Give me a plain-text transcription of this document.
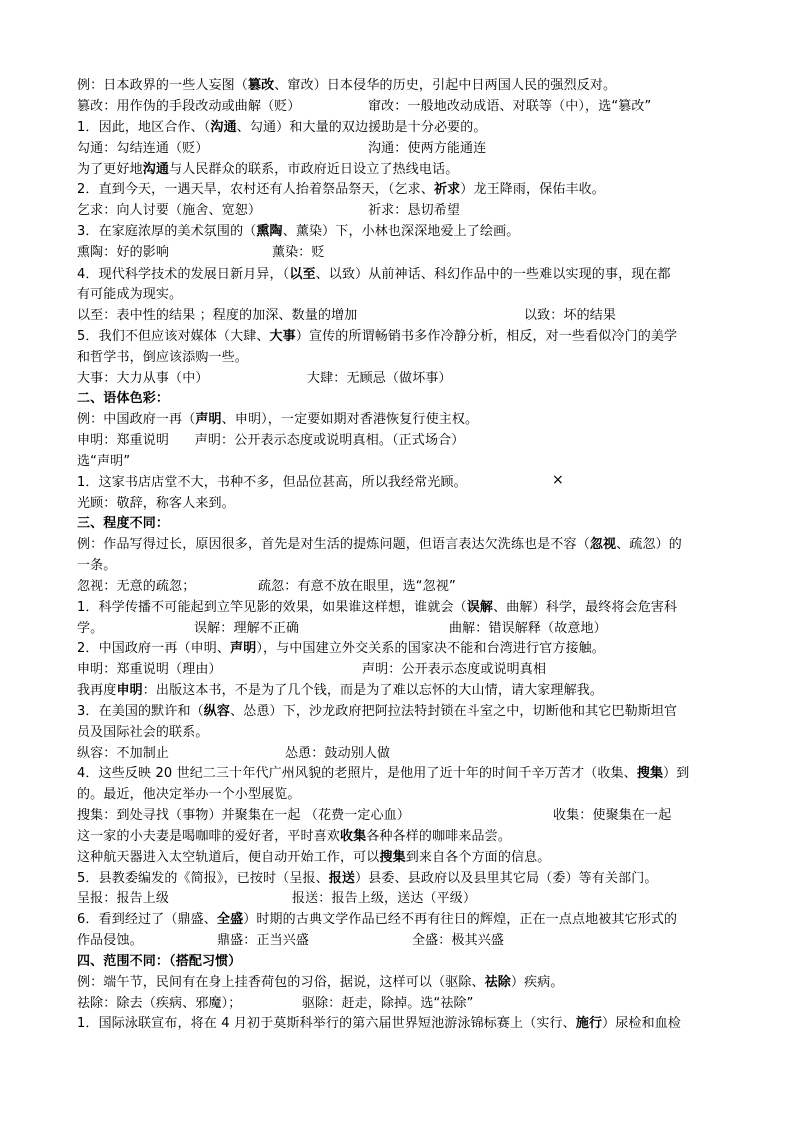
例：日本政界的一些人妄图（篡改、窜改）日本侵华的历史，引起中日两国人民的强烈反对。
篡改：用作伪的手段改动或曲解（贬）	窜改：一般地改动成语、对联等（中），选“篡改”
1．因此，地区合作、（沟通、勾通）和大量的双边援助是十分必要的。
勾通：勾结连通（贬）	沟通：使两方能通连
为了更好地沟通与人民群众的联系，市政府近日设立了热线电话。
2．直到今天，一遇天旱，农村还有人抬着祭品祭天，（乞求、祈求）龙王降雨，保佑丰收。
乞求：向人讨要（施舍、宽恕）	祈求：恳切希望
3．在家庭浓厚的美术氛围的（熏陶、薰染）下，小林也深深地爱上了绘画。
熏陶：好的影响	薰染：贬
4．现代科学技术的发展日新月异，（以至、以致）从前神话、科幻作品中的一些难以实现的事，现在都
有可能成为现实。
以至：表中性的结果 ；程度的加深、数量的增加	以致：坏的结果
5．我们不但应该对媒体（大肆、大事）宣传的所谓畅销书多作冷静分析，相反，对一些看似冷门的美学
和哲学书，倒应该添购一些。
大事：大力从事（中）	大肆：无顾忌（做坏事）
二、语体色彩：
例：中国政府一再（声明、申明），一定要如期对香港恢复行使主权。
申明：郑重说明      声明：公开表示态度或说明真相。（正式场合）
选“声明”
1．这家书店店堂不大，书种不多，但品位甚高，所以我经常光顾。	×
光顾：敬辞，称客人来到。
三、程度不同：
例：作品写得过长，原因很多，首先是对生活的提炼问题，但语言表达欠洗练也是不容（忽视、疏忽）的
一条。
忽视：无意的疏忽；	疏忽：有意不放在眼里，选“忽视”
1．科学传播不可能起到立竿见影的效果，如果谁这样想，谁就会（误解、曲解）科学，最终将会危害科
学。	误解：理解不正确	曲解：错误解释（故意地）
2．中国政府一再（申明、声明），与中国建立外交关系的国家决不能和台湾进行官方接触。
申明：郑重说明（理由）	声明：公开表示态度或说明真相
我再度申明：出版这本书，不是为了几个钱，而是为了难以忘怀的大山情，请大家理解我。
3．在美国的默许和（纵容、怂恿）下，沙龙政府把阿拉法特封锁在斗室之中，切断他和其它巴勒斯坦官
员及国际社会的联系。
纵容：不加制止	怂恿：鼓动别人做
4．这些反映 20 世纪二三十年代广州风貌的老照片，是他用了近十年的时间千辛万苦才（收集、搜集）到
的。最近，他决定举办一个小型展览。
搜集：到处寻找（事物）并聚集在一起 （花费一定心血）	收集：使聚集在一起
这一家的小夫妻是喝咖啡的爱好者，平时喜欢收集各种各样的咖啡来品尝。
这种航天器进入太空轨道后，便自动开始工作，可以搜集到来自各个方面的信息。
5．县教委编发的《简报》，已按时（呈报、报送）县委、县政府以及县里其它局（委）等有关部门。
呈报：报告上级	报送：报告上级，送达（平级）
6．看到经过了（鼎盛、全盛）时期的古典文学作品已经不再有往日的辉煌，正在一点点地被其它形式的
作品侵蚀。	鼎盛：正当兴盛	全盛：极其兴盛
四、范围不同：（搭配习惯）
例：端午节，民间有在身上挂香荷包的习俗，据说，这样可以（驱除、祛除）疾病。
祛除：除去（疾病、邪魔）；	驱除：赶走，除掉。选“祛除”
1．国际泳联宣布，将在 4 月初于莫斯科举行的第六届世界短池游泳锦标赛上（实行、施行）尿检和血检
